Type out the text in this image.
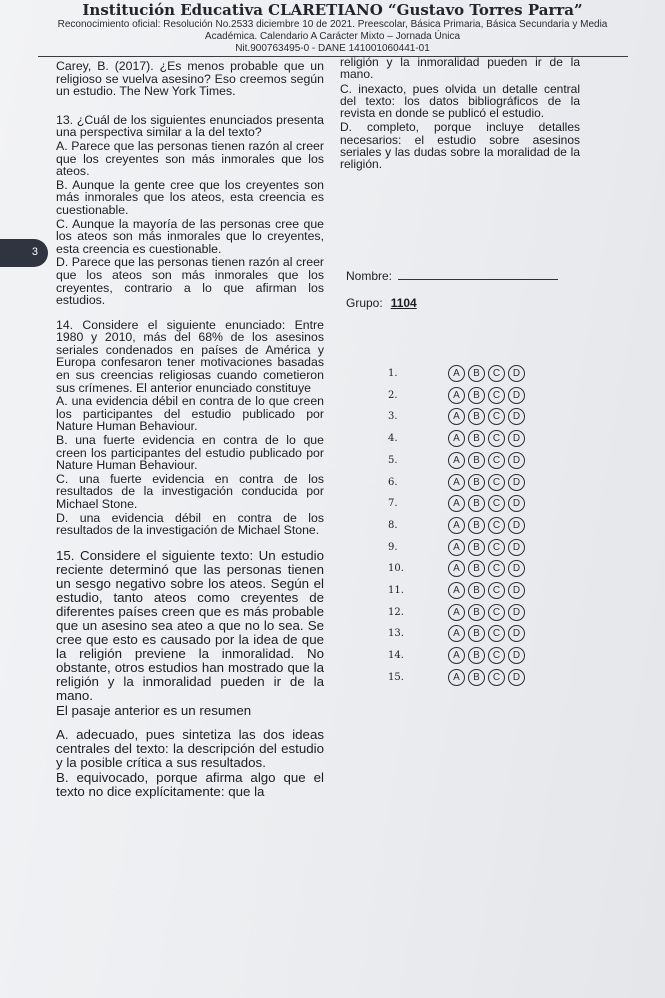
Institución Educativa CLARETIANO “Gustavo Torres Parra”
Reconocimiento oficial: Resolución No.2533 diciembre 10 de 2021. Preescolar, Básica Primaria, Básica Secundaria y Media
Académica. Calendario A Carácter Mixto – Jornada Única
Nit.900763495-0 - DANE 141001060441-01
3

Carey, B. (2017). ¿Es menos probable que un religioso se vuelva asesino? Eso creemos según un estudio. The New York Times.

13. ¿Cuál de los siguientes enunciados presenta una perspectiva similar a la del texto?

A. Parece que las personas tienen razón al creer que los creyentes son más inmorales que los ateos.

B. Aunque la gente cree que los creyentes son más inmorales que los ateos, esta creencia es cuestionable.

C. Aunque la mayoría de las personas cree que los ateos son más inmorales que lo creyentes, esta creencia es cuestionable.

D. Parece que las personas tienen razón al creer que los ateos son más inmorales que los creyentes, contrario a lo que afirman los estudios.

14. Considere el siguiente enunciado: Entre 1980 y 2010, más del 68% de los asesinos seriales condenados en países de América y Europa confesaron tener motivaciones basadas en sus creencias religiosas cuando cometieron sus crímenes. El anterior enunciado constituye

A. una evidencia débil en contra de lo que creen los participantes del estudio publicado por Nature Human Behaviour.

B. una fuerte evidencia en contra de lo que creen los participantes del estudio publicado por Nature Human Behaviour.

C. una fuerte evidencia en contra de los resultados de la investigación conducida por Michael Stone.

D. una evidencia débil en contra de los resultados de la investigación de Michael Stone.

15. Considere el siguiente texto: Un estudio reciente determinó que las personas tienen un sesgo negativo sobre los ateos. Según el estudio, tanto ateos como creyentes de diferentes países creen que es más probable que un asesino sea ateo a que no lo sea. Se cree que esto es causado por la idea de que la religión previene la inmoralidad. No obstante, otros estudios han mostrado que la religión y la inmoralidad pueden ir de la mano.

El pasaje anterior es un resumen

A. adecuado, pues sintetiza las dos ideas centrales del texto: la descripción del estudio y la posible crítica a sus resultados.

B. equivocado, porque afirma algo que el texto no dice explícitamente: que la

religión y la inmoralidad pueden ir de la mano.

C. inexacto, pues olvida un detalle central del texto: los datos bibliográficos de la revista en donde se publicó el estudio.

D. completo, porque incluye detalles necesarios: el estudio sobre asesinos seriales y las dudas sobre la moralidad de la religión.

Nombre:
Grupo: 1104
1.	A	B	C	D
2.	A	B	C	D
3.	A	B	C	D
4.	A	B	C	D
5.	A	B	C	D
6.	A	B	C	D
7.	A	B	C	D
8.	A	B	C	D
9.	A	B	C	D
10.	A	B	C	D
11.	A	B	C	D
12.	A	B	C	D
13.	A	B	C	D
14.	A	B	C	D
15.	A	B	C	D
